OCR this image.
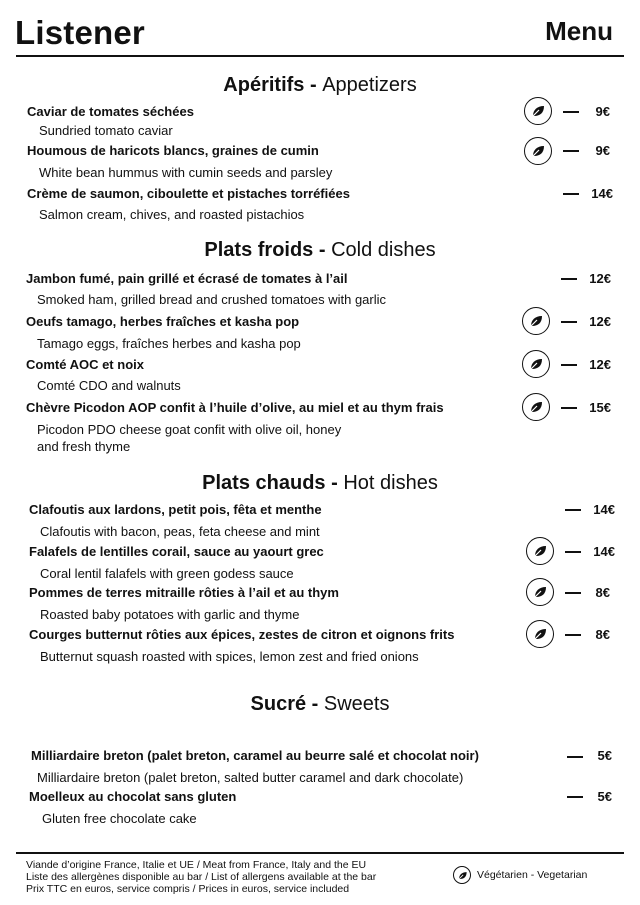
Listener	Menu
Apéritifs - Appetizers
Plats froids - Cold dishes
Plats chauds - Hot dishes
Sucré - Sweets
Caviar de tomates séchées
Sundried tomato caviar
9€
Houmous de haricots blancs, graines de cumin
White bean hummus with cumin seeds and parsley
9€
Crème de saumon, ciboulette et pistaches torréfiées
Salmon cream, chives, and roasted pistachios
14€
Jambon fumé, pain grillé et écrasé de tomates à l’ail
Smoked ham, grilled bread and crushed tomatoes with garlic
12€
Oeufs tamago, herbes fraîches et kasha pop
Tamago eggs, fraîches herbes and kasha pop
12€
Comté AOC et noix
Comté CDO and walnuts
12€
Chèvre Picodon AOP confit à l’huile d’olive, au miel et au thym frais
Picodon PDO cheese goat confit with olive oil, honey
and fresh thyme
15€
Clafoutis aux lardons, petit pois, fêta et menthe
Clafoutis with bacon, peas, feta cheese and mint
14€
Falafels de lentilles corail, sauce au yaourt grec
Coral lentil falafels with green godess sauce
14€
Pommes de terres mitraille rôties à l’ail et au thym
Roasted baby potatoes with garlic and thyme
8€
Courges butternut rôties aux épices, zestes de citron et oignons frits
Butternut squash roasted with spices, lemon zest and fried onions
8€
Milliardaire breton (palet breton, caramel au beurre salé et chocolat noir)
Milliardaire breton (palet breton, salted butter caramel and dark chocolate)
5€
Moelleux au chocolat sans gluten
Gluten free chocolate cake
5€
Viande d’origine France, Italie et UE / Meat from France, Italy and the EU
Liste des allergènes disponible au bar / List of allergens available at the bar
Prix TTC en euros, service compris / Prices in euros, service included
Végétarien - Vegetarian
